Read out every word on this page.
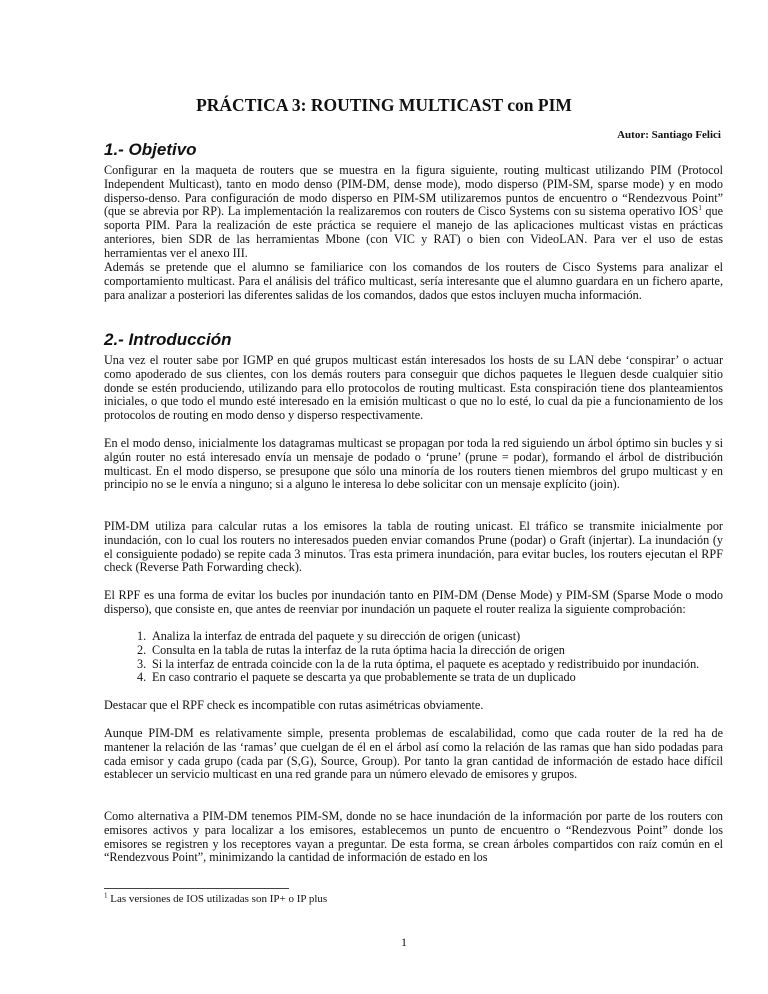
PRÁCTICA 3: ROUTING MULTICAST con PIM
Autor: Santiago Felici
1.- Objetivo

Configurar en la maqueta de routers que se muestra en la figura siguiente, routing multicast utilizando PIM (Protocol Independent Multicast), tanto en modo denso (PIM-DM, dense mode), modo disperso (PIM-SM, sparse mode) y en modo disperso-denso. Para configuración de modo disperso en PIM-SM utilizaremos puntos de encuentro o “Rendezvous Point” (que se abrevia por RP). La implementación la realizaremos con routers de Cisco Systems con su sistema operativo IOS$^1$ que soporta PIM. Para la realización de este práctica se requiere el manejo de las aplicaciones multicast vistas en prácticas anteriores, bien SDR de las herramientas Mbone (con VIC y RAT) o bien con VideoLAN. Para ver el uso de estas herramientas ver el anexo III.

Además se pretende que el alumno se familiarice con los comandos de los routers de Cisco Systems para analizar el comportamiento multicast. Para el análisis del tráfico multicast, sería interesante que el alumno guardara en un fichero aparte, para analizar a posteriori las diferentes salidas de los comandos, dados que estos incluyen mucha información.

2.- Introducción

Una vez el router sabe por IGMP en qué grupos multicast están interesados los hosts de su LAN debe ‘conspirar’ o actuar como apoderado de sus clientes, con los demás routers para conseguir que dichos paquetes le lleguen desde cualquier sitio donde se estén produciendo, utilizando para ello protocolos de routing multicast. Esta conspiración tiene dos planteamientos iniciales, o que todo el mundo esté interesado en la emisión multicast o que no lo esté, lo cual da pie a funcionamiento de los protocolos de routing en modo denso y disperso respectivamente.

En el modo denso, inicialmente los datagramas multicast se propagan por toda la red siguiendo un árbol óptimo sin bucles y si algún router no está interesado envía un mensaje de podado o ‘prune’ (prune = podar), formando el árbol de distribución multicast. En el modo disperso, se presupone que sólo una minoría de los routers tienen miembros del grupo multicast y en principio no se le envía a ninguno; si a alguno le interesa lo debe solicitar con un mensaje explícito (join).

PIM-DM utiliza para calcular rutas a los emisores la tabla de routing unicast. El tráfico se transmite inicialmente por inundación, con lo cual los routers no interesados pueden enviar comandos Prune (podar) o Graft (injertar). La inundación (y el consiguiente podado) se repite cada 3 minutos. Tras esta primera inundación, para evitar bucles, los routers ejecutan el RPF check (Reverse Path Forwarding check).

El RPF es una forma de evitar los bucles por inundación tanto en PIM-DM (Dense Mode) y PIM-SM (Sparse Mode o modo disperso), que consiste en, que antes de reenviar por inundación un paquete el router realiza la siguiente comprobación:

1. Analiza la interfaz de entrada del paquete y su dirección de origen (unicast)
2. Consulta en la tabla de rutas la interfaz de la ruta óptima hacia la dirección de origen
3. Si la interfaz de entrada coincide con la de la ruta óptima, el paquete es aceptado y redistribuido por inundación.
4. En caso contrario el paquete se descarta ya que probablemente se trata de un duplicado

Destacar que el RPF check es incompatible con rutas asimétricas obviamente.

Aunque PIM-DM es relativamente simple, presenta problemas de escalabilidad, como que cada router de la red ha de mantener la relación de las ‘ramas’ que cuelgan de él en el árbol así como la relación de las ramas que han sido podadas para cada emisor y cada grupo (cada par (S,G), Source, Group). Por tanto la gran cantidad de información de estado hace difícil establecer un servicio multicast en una red grande para un número elevado de emisores y grupos.

Como alternativa a PIM-DM tenemos PIM-SM, donde no se hace inundación de la información por parte de los routers con emisores activos y para localizar a los emisores, establecemos un punto de encuentro o “Rendezvous Point” donde los emisores se registren y los receptores vayan a preguntar. De esta forma, se crean árboles compartidos con raíz común en el “Rendezvous Point”, minimizando la cantidad de información de estado en los

$^1$ Las versiones de IOS utilizadas son IP+ o IP plus
1
